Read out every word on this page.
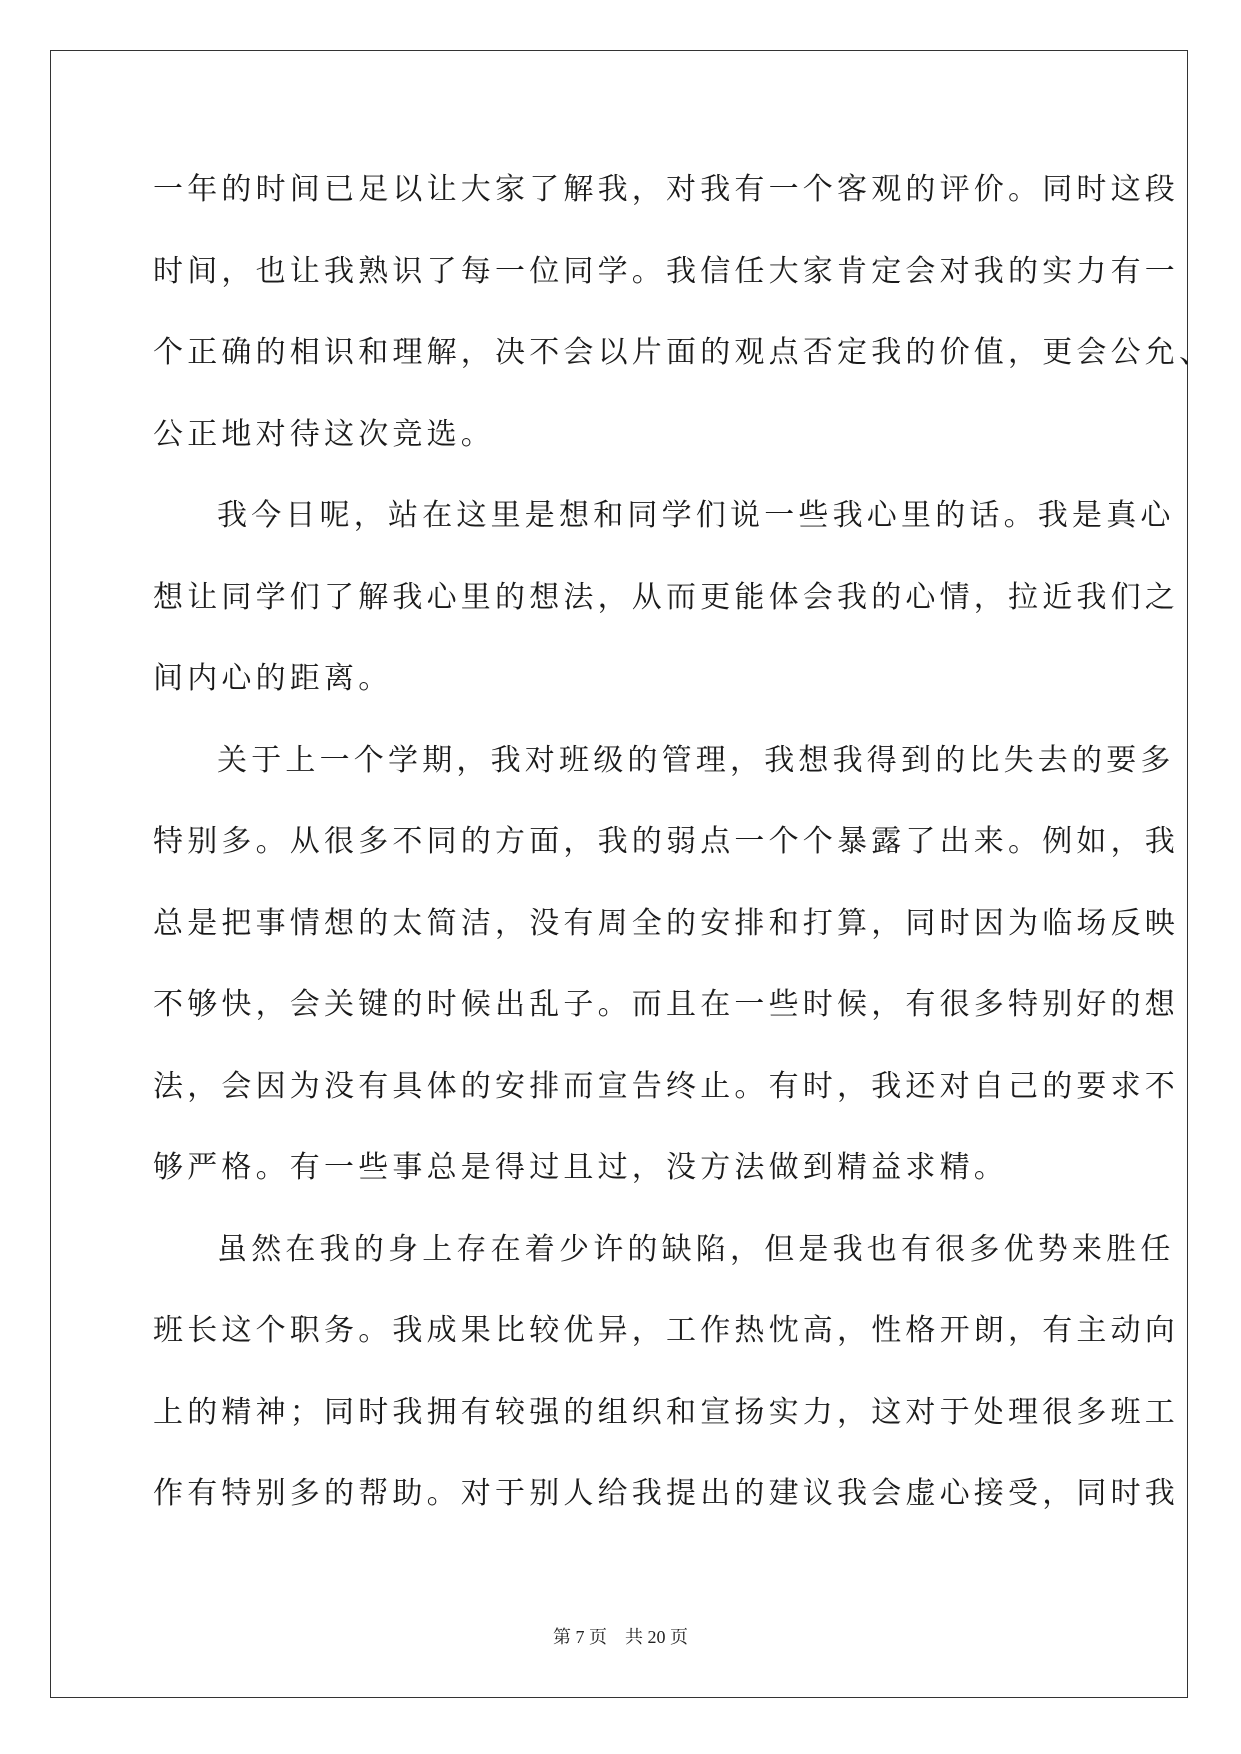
一年的时间已足以让大家了解我，对我有一个客观的评价。同时这段
时间，也让我熟识了每一位同学。我信任大家肯定会对我的实力有一
个正确的相识和理解，决不会以片面的观点否定我的价值，更会公允、
公正地对待这次竞选。
我今日呢，站在这里是想和同学们说一些我心里的话。我是真心
想让同学们了解我心里的想法，从而更能体会我的心情，拉近我们之
间内心的距离。
关于上一个学期，我对班级的管理，我想我得到的比失去的要多
特别多。从很多不同的方面，我的弱点一个个暴露了出来。例如，我
总是把事情想的太简洁，没有周全的安排和打算，同时因为临场反映
不够快，会关键的时候出乱子。而且在一些时候，有很多特别好的想
法，会因为没有具体的安排而宣告终止。有时，我还对自己的要求不
够严格。有一些事总是得过且过，没方法做到精益求精。
虽然在我的身上存在着少许的缺陷，但是我也有很多优势来胜任
班长这个职务。我成果比较优异，工作热忱高，性格开朗，有主动向
上的精神；同时我拥有较强的组织和宣扬实力，这对于处理很多班工
作有特别多的帮助。对于别人给我提出的建议我会虚心接受，同时我
第 7 页    共 20 页
